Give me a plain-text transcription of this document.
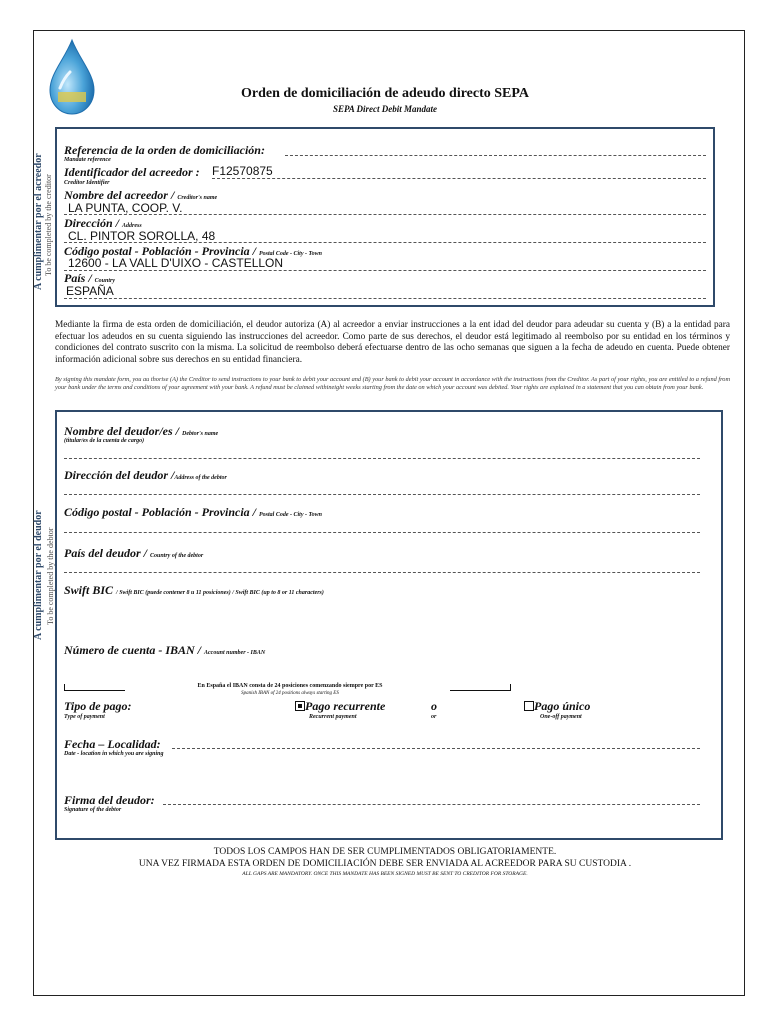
Orden de domiciliación de adeudo directo SEPA
SEPA Direct Debit Mandate
A cumplimentar por el acreedor To be completed by the creditor
Referencia de la orden de domiciliación:
Mandate reference
Identificador del acreedor : F12570875
Creditor Identifier
Nombre del acreedor / Creditor's name
LA PUNTA, COOP. V.
Dirección / Address
CL. PINTOR SOROLLA, 48
Código postal - Población - Provincia / Postal Code - City - Town
12600 - LA VALL D'UIXO - CASTELLON
País / Country
ESPAÑA
Mediante la firma de esta orden de domiciliación, el deudor autoriza (A) al acreedor a enviar instrucciones a la ent idad del deudor para adeudar su cuenta y (B) a la entidad para efectuar los adeudos en su cuenta siguiendo las instrucciones del acreedor. Como parte de sus derechos, el deudor está legitimado al reembolso por su entidad en los términos y condiciones del contrato suscrito con la misma. La solicitud de reembolso deberá efectuarse dentro de las ocho semanas que siguen a la fecha de adeudo en cuenta. Puede obtener información adicional sobre sus derechos en su entidad financiera.
By signing this mandate form, you au thorise (A) the Creditor to send instructions to your bank to debit your account and (B) your bank to debit your account in accordance with the instructions from the Creditor. As part of your rights, you are entitled to a refund from your bank under the terms and conditions of your agreement with your bank. A refund must be claimed withineight weeks starting from the date on which your account was debited. Your rights are explained in a statement that you can obtain from your bank.
A cumplimentar por el deudor To be completed by the debtor
Nombre del deudor/es / Debtor's name
(titular/es de la cuenta de cargo)
Dirección del deudor /Address of the debtor
Código postal - Población - Provincia / Postal Code - City - Town
País del deudor / Country of the debtor
Swift BIC / Swift BIC (puede contener 8 u 11 posiciones) / Swift BIC (up to 8 or 11 characters)
Número de cuenta - IBAN / Account number - IBAN
En España el IBAN consta de 24 posiciones comenzando siempre por ES
Spanish IBAN of 24 positions always starting ES
Tipo de pago:
Type of payment
Pago recurrente
Recurrent payment
o
or
Pago único
One-off payment
Fecha – Localidad:
Date - location in which you are signing
Firma del deudor:
Signature of the debtor
TODOS LOS CAMPOS HAN DE SER CUMPLIMENTADOS OBLIGATORIAMENTE.
UNA VEZ FIRMADA ESTA ORDEN DE DOMICILIACIÓN DEBE SER ENVIADA AL ACREEDOR PARA SU CUSTODIA .
ALL GAPS ARE MANDATORY. ONCE THIS MANDATE HAS BEEN SIGNED MUST BE SENT TO CREDITOR FOR STORAGE.
